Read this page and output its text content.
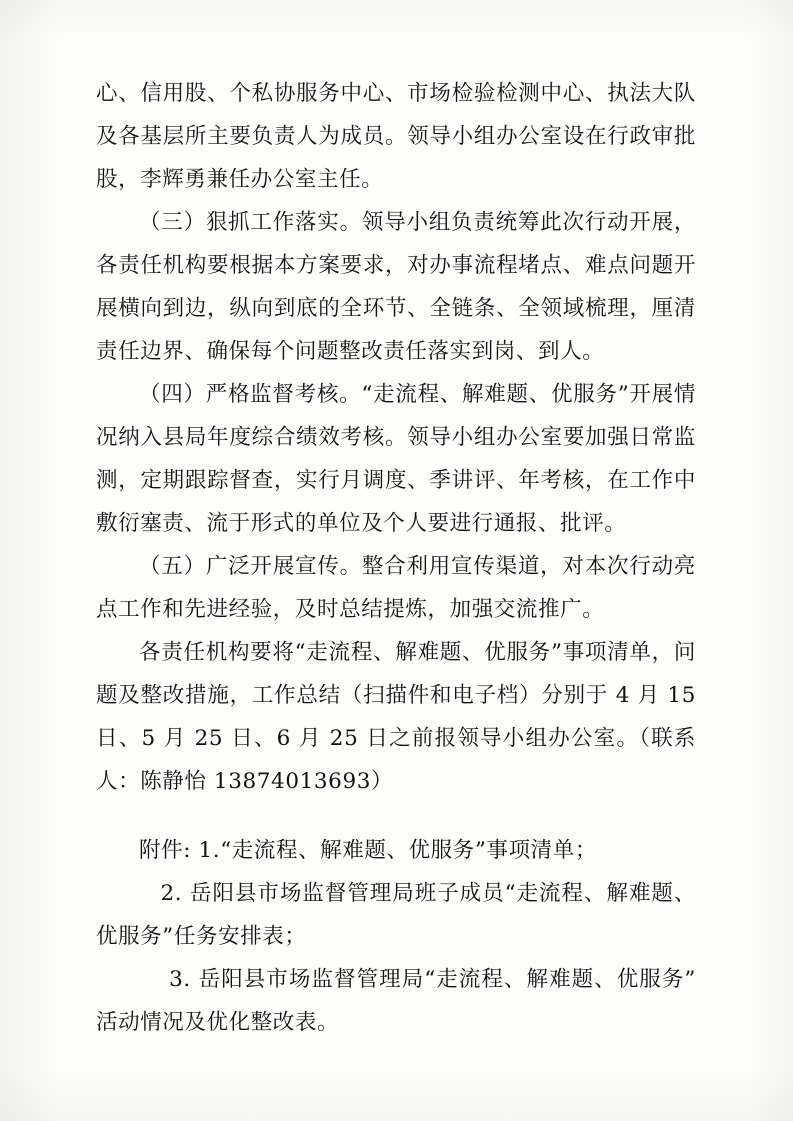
心、信用股、个私协服务中心、市场检验检测中心、执法大队及各基层所主要负责人为成员。领导小组办公室设在行政审批股，李辉勇兼任办公室主任。

（三）狠抓工作落实。领导小组负责统筹此次行动开展，各责任机构要根据本方案要求，对办事流程堵点、难点问题开展横向到边，纵向到底的全环节、全链条、全领域梳理，厘清责任边界、确保每个问题整改责任落实到岗、到人。

（四）严格监督考核。“走流程、解难题、优服务”开展情况纳入县局年度综合绩效考核。领导小组办公室要加强日常监测，定期跟踪督查，实行月调度、季讲评、年考核，在工作中敷衍塞责、流于形式的单位及个人要进行通报、批评。

（五）广泛开展宣传。整合利用宣传渠道，对本次行动亮点工作和先进经验，及时总结提炼，加强交流推广。

各责任机构要将“走流程、解难题、优服务”事项清单，问题及整改措施，工作总结（扫描件和电子档）分别于 4 月 15 日、5 月 25 日、6 月 25 日之前报领导小组办公室。（联系人：陈静怡 13874013693）

附件: 1.“走流程、解难题、优服务”事项清单；

2. 岳阳县市场监督管理局班子成员“走流程、解难题、优服务”任务安排表；

3. 岳阳县市场监督管理局“走流程、解难题、优服务”活动情况及优化整改表。
